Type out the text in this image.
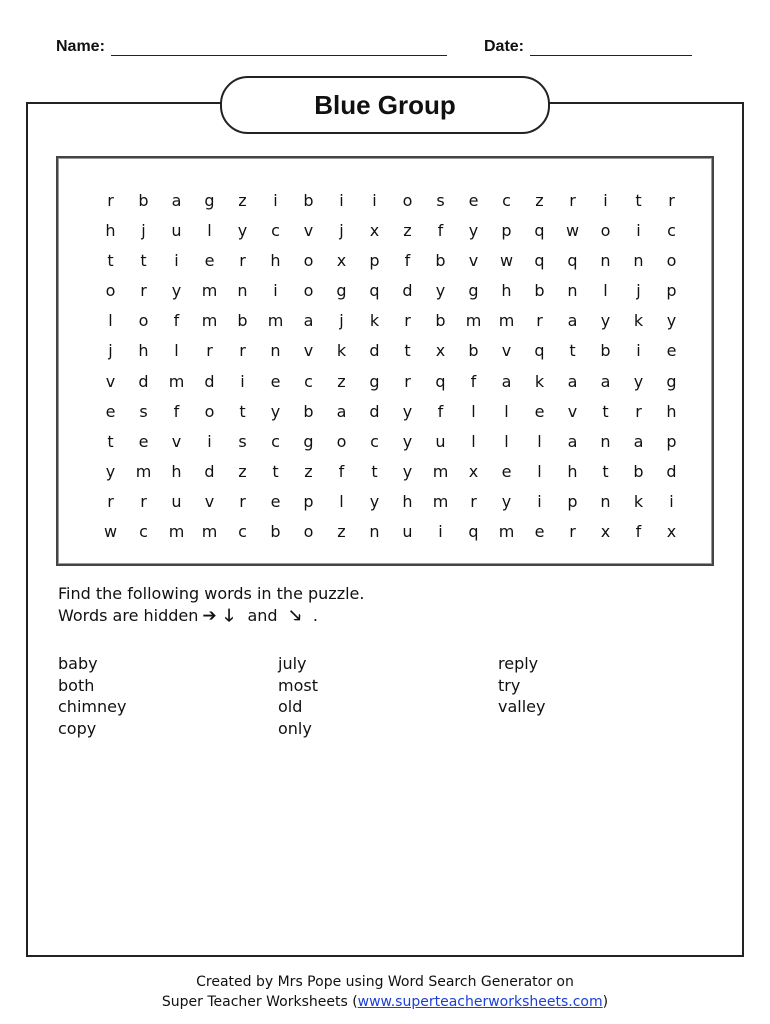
Name:	Date:
Blue Group
r	b	a	g	z	i	b	i	i	o	s	e	c	z	r	i	t	r
h	j	u	l	y	c	v	j	x	z	f	y	p	q	w	o	i	c
t	t	i	e	r	h	o	x	p	f	b	v	w	q	q	n	n	o
o	r	y	m	n	i	o	g	q	d	y	g	h	b	n	l	j	p
l	o	f	m	b	m	a	j	k	r	b	m	m	r	a	y	k	y
j	h	l	r	r	n	v	k	d	t	x	b	v	q	t	b	i	e
v	d	m	d	i	e	c	z	g	r	q	f	a	k	a	a	y	g
e	s	f	o	t	y	b	a	d	y	f	l	l	e	v	t	r	h
t	e	v	i	s	c	g	o	c	y	u	l	l	l	a	n	a	p
y	m	h	d	z	t	z	f	t	y	m	x	e	l	h	t	b	d
r	r	u	v	r	e	p	l	y	h	m	r	y	i	p	n	k	i
w	c	m	m	c	b	o	z	n	u	i	q	m	e	r	x	f	x
Find the following words in the puzzle.
Words are hidden ➔ 🡓 and 🡖 .
baby
both
chimney
copy
july
most
old
only
reply
try
valley
Created by Mrs Pope using Word Search Generator on
Super Teacher Worksheets (www.superteacherworksheets.com)
